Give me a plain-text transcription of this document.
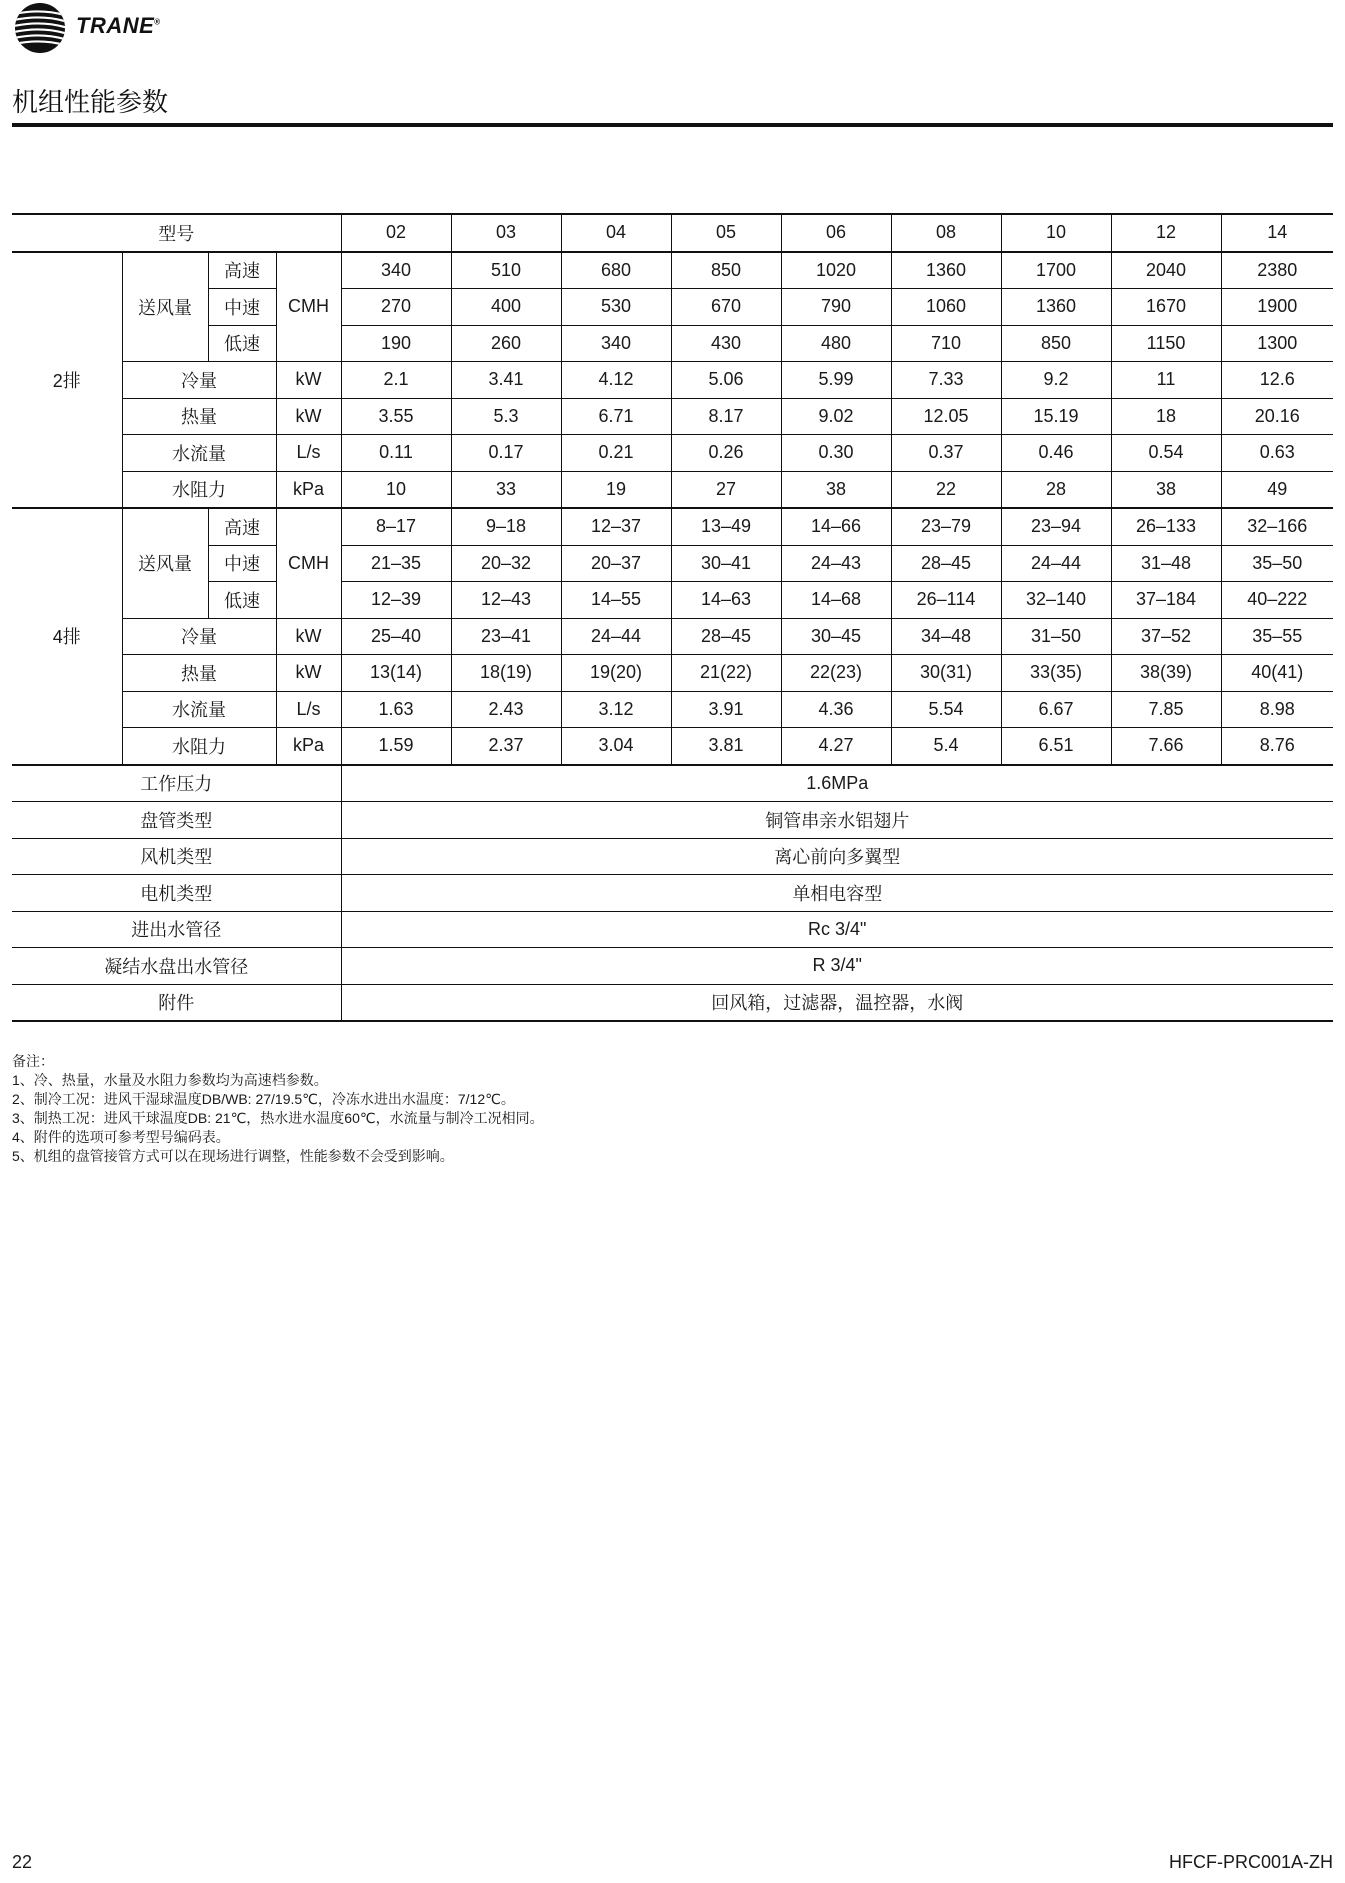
TRANE®
机组性能参数
型号				02	03	04	05	06	08	10	12	14
2排	送风量	高速	CMH	340	510	680	850	1020	1360	1700	2040	2380
		中速		270	400	530	670	790	1060	1360	1670	1900
		低速		190	260	340	430	480	710	850	1150	1300
	冷量		kW	2.1	3.41	4.12	5.06	5.99	7.33	9.2	11	12.6
	热量		kW	3.55	5.3	6.71	8.17	9.02	12.05	15.19	18	20.16
	水流量		L/s	0.11	0.17	0.21	0.26	0.30	0.37	0.46	0.54	0.63
	水阻力		kPa	10	33	19	27	38	22	28	38	49
4排	送风量	高速	CMH	8–17	9–18	12–37	13–49	14–66	23–79	23–94	26–133	32–166
		中速		21–35	20–32	20–37	30–41	24–43	28–45	24–44	31–48	35–50
		低速		12–39	12–43	14–55	14–63	14–68	26–114	32–140	37–184	40–222
	冷量		kW	25–40	23–41	24–44	28–45	30–45	34–48	31–50	37–52	35–55
	热量		kW	13(14)	18(19)	19(20)	21(22)	22(23)	30(31)	33(35)	38(39)	40(41)
	水流量		L/s	1.63	2.43	3.12	3.91	4.36	5.54	6.67	7.85	8.98
	水阻力		kPa	1.59	2.37	3.04	3.81	4.27	5.4	6.51	7.66	8.76
工作压力				1.6MPa								
盘管类型				铜管串亲水铝翅片								
风机类型				离心前向多翼型								
电机类型				单相电容型								
进出水管径				Rc 3/4"								
凝结水盘出水管径				R 3/4"								
附件				回风箱，过滤器，温控器，水阀								
备注：
1、冷、热量，水量及水阻力参数均为高速档参数。
2、制冷工况：进风干湿球温度DB/WB: 27/19.5℃，冷冻水进出水温度：7/12℃。
3、制热工况：进风干球温度DB: 21℃，热水进水温度60℃，水流量与制冷工况相同。
4、附件的选项可参考型号编码表。
5、机组的盘管接管方式可以在现场进行调整，性能参数不会受到影响。
22	HFCF-PRC001A-ZH
